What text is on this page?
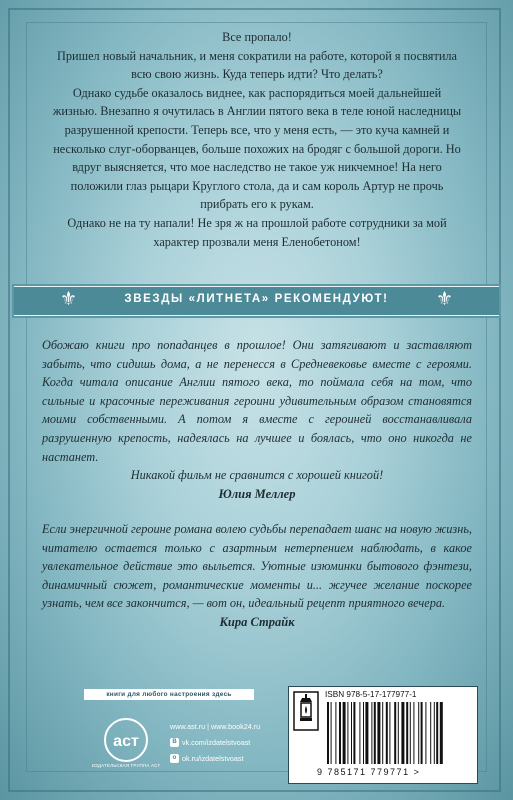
Все пропало!

Пришел новый начальник, и меня сократили на работе, которой я посвятила всю свою жизнь. Куда теперь идти? Что делать?

Однако судьбе оказалось виднее, как распорядиться моей дальнейшей жизнью. Внезапно я очутилась в Англии пятого века в теле юной наследницы разрушенной крепости. Теперь все, что у меня есть, — это куча камней и несколько слуг-оборванцев, больше похожих на бродяг с большой дороги. Но вдруг выясняется, что мое наследство не такое уж никчемное! На него положили глаз рыцари Круглого стола, да и сам король Артур не прочь прибрать его к рукам.

Однако не на ту напали! Не зря ж на прошлой работе сотрудники за мой характер прозвали меня Еленобетоном!

⚜	ЗВЕЗДЫ «ЛИТНЕТА» РЕКОМЕНДУЮТ!	⚜

Обожаю книги про попаданцев в прошлое! Они затягивают и заставляют забыть, что сидишь дома, а не перенесся в Средневековье вместе с героями. Когда читала описание Англии пятого века, то поймала себя на том, что сильные и красочные переживания героини удивительным образом становятся моими собственными. А потом я вместе с героиней восстанавливала разрушенную крепость, надеялась на лучшее и боялась, что оно никогда не настанет.

Никакой фильм не сравнится с хорошей книгой!

Юлия Меллер

Если энергичной героине романа волею судьбы перепадает шанс на новую жизнь, читателю остается только с азартным нетерпением наблюдать, в какое увлекательное действие это выльется. Уютные изюминки бытового фэнтези, динамичный сюжет, романтические моменты и... жгучее желание поскорее узнать, чем все закончится, — вот он, идеальный рецепт приятного вечера.

Кира Страйк

книги для любого настроения здесь
аст
ИЗДАТЕЛЬСКАЯ ГРУППА АСТ
www.ast.ru | www.book24.ru
B vk.com/izdatelstvoast
o ok.ru/izdatelstvoast
ISBN 978-5-17-177977-1
9 785171 779771 >
